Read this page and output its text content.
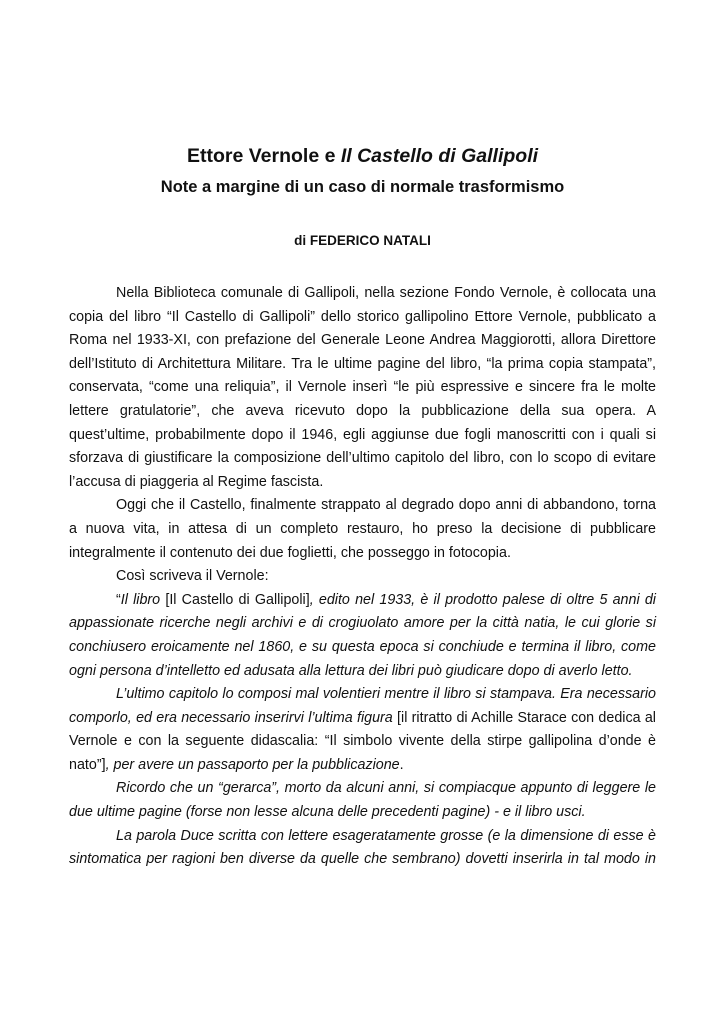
Ettore Vernole e Il Castello di Gallipoli
Note a margine di un caso di normale trasformismo
di FEDERICO NATALI

Nella Biblioteca comunale di Gallipoli, nella sezione Fondo Vernole, è collocata una copia del libro “Il Castello di Gallipoli” dello storico gallipolino Ettore Vernole, pubblicato a Roma nel 1933-XI, con prefazione del Generale Leone Andrea Maggiorotti, allora Direttore dell’Istituto di Architettura Militare. Tra le ultime pagine del libro, “la prima copia stampata”, conservata, “come una reliquia”, il Vernole inserì “le più espressive e sincere fra le molte lettere gratulatorie”, che aveva ricevuto dopo la pubblicazione della sua opera. A quest’ultime, probabilmente dopo il 1946, egli aggiunse due fogli manoscritti con i quali si sforzava di giustificare la composizione dell’ultimo capitolo del libro, con lo scopo di evitare l’accusa di piaggeria al Regime fascista.

Oggi che il Castello, finalmente strappato al degrado dopo anni di abbandono, torna a nuova vita, in attesa di un completo restauro, ho preso la decisione di pubblicare integralmente il contenuto dei due foglietti, che posseggo in fotocopia.

Così scriveva il Vernole:

“Il libro [Il Castello di Gallipoli], edito nel 1933, è il prodotto palese di oltre 5 anni di appassionate ricerche negli archivi e di crogiuolato amore per la città natia, le cui glorie si conchiusero eroicamente nel 1860, e su questa epoca si conchiude e termina il libro, come ogni persona d’intelletto ed adusata alla lettura dei libri può giudicare dopo di averlo letto.

L’ultimo capitolo lo composi mal volentieri mentre il libro si stampava. Era necessario comporlo, ed era necessario inserirvi l’ultima figura [il ritratto di Achille Starace con dedica al Vernole e con la seguente didascalia: “Il simbolo vivente della stirpe gallipolina d’onde è nato”], per avere un passaporto per la pubblicazione.

Ricordo che un “gerarca”, morto da alcuni anni, si compiacque appunto di leggere le due ultime pagine (forse non lesse alcuna delle precedenti pagine) - e il libro usci.

La parola Duce scritta con lettere esageratamente grosse (e la dimensione di esse è sintomatica per ragioni ben diverse da quelle che sembrano) dovetti inserirla in tal modo in
